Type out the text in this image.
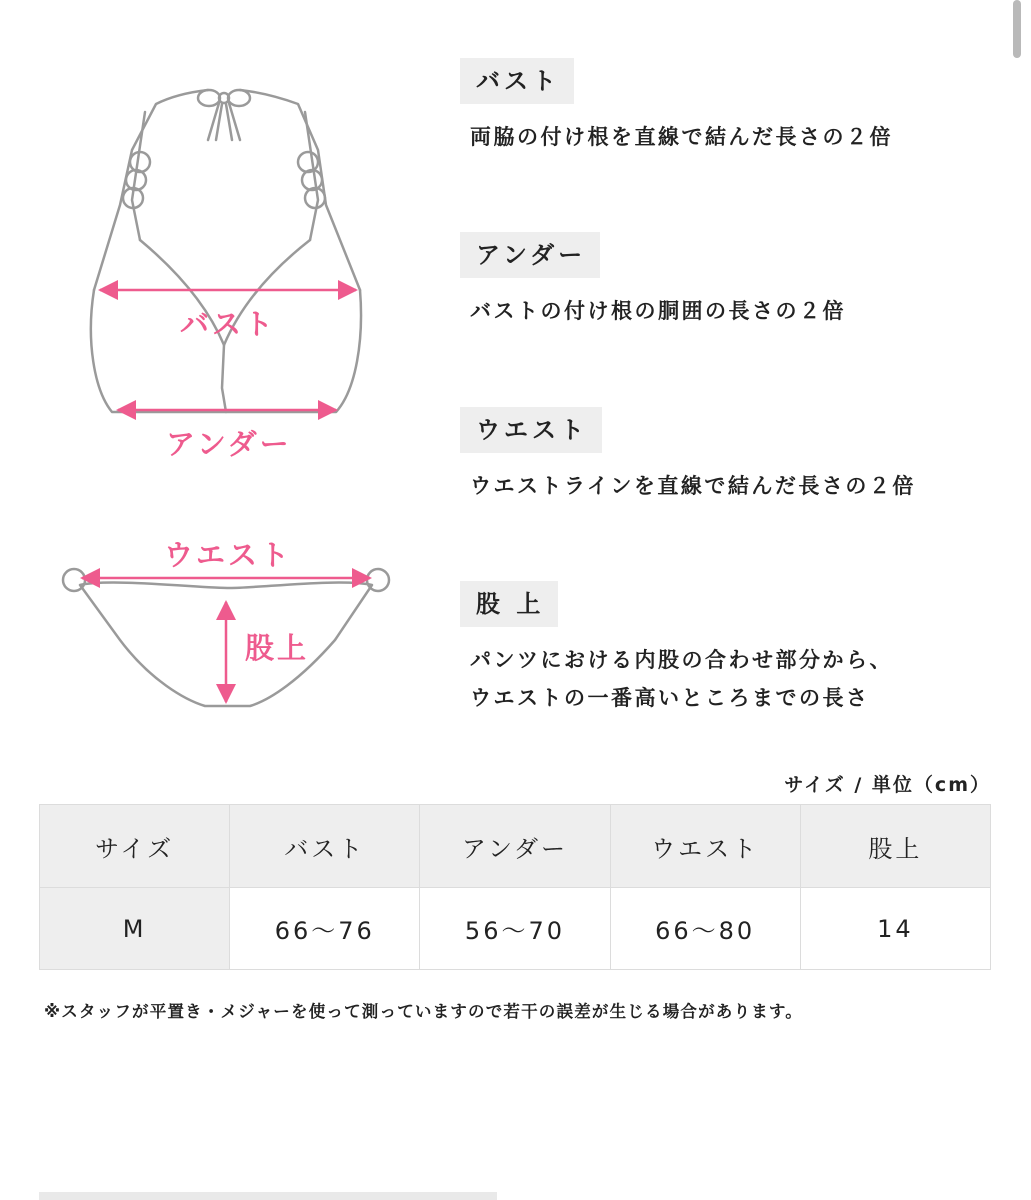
バスト
アンダー
ウエスト
股上
バスト
両脇の付け根を直線で結んだ長さの２倍
アンダー
バストの付け根の胴囲の長さの２倍
ウエスト
ウエストラインを直線で結んだ長さの２倍
股 上
パンツにおける内股の合わせ部分から、
ウエストの一番高いところまでの長さ
サイズ / 単位（cm）
サイズ	バスト	アンダー	ウエスト	股上
M	66〜76	56〜70	66〜80	14
※スタッフが平置き・メジャーを使って測っていますので若干の誤差が生じる場合があります。
